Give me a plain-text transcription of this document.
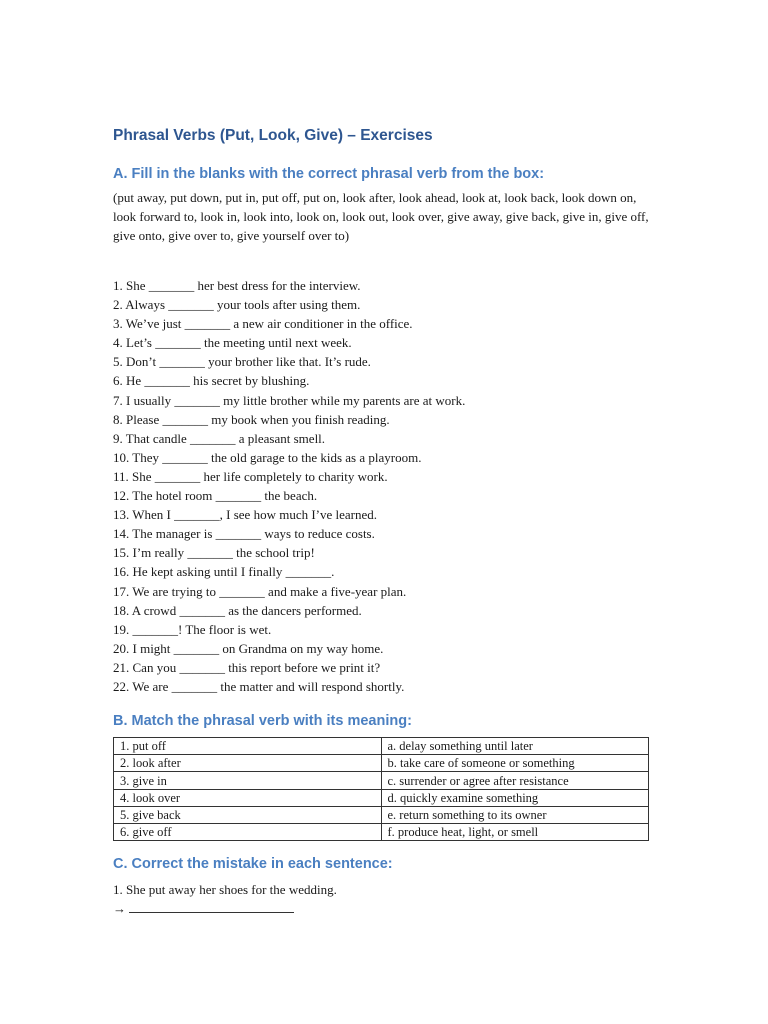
Phrasal Verbs (Put, Look, Give) – Exercises
A. Fill in the blanks with the correct phrasal verb from the box:

(put away, put down, put in, put off, put on, look after, look ahead, look at, look back, look down on, look forward to, look in, look into, look on, look out, look over, give away, give back, give in, give off, give onto, give over to, give yourself over to)

1. She _______ her best dress for the interview.
2. Always _______ your tools after using them.
3. We’ve just _______ a new air conditioner in the office.
4. Let’s _______ the meeting until next week.
5. Don’t _______ your brother like that. It’s rude.
6. He _______ his secret by blushing.
7. I usually _______ my little brother while my parents are at work.
8. Please _______ my book when you finish reading.
9. That candle _______ a pleasant smell.
10. They _______ the old garage to the kids as a playroom.
11. She _______ her life completely to charity work.
12. The hotel room _______ the beach.
13. When I _______, I see how much I’ve learned.
14. The manager is _______ ways to reduce costs.
15. I’m really _______ the school trip!
16. He kept asking until I finally _______.
17. We are trying to _______ and make a five-year plan.
18. A crowd _______ as the dancers performed.
19. _______! The floor is wet.
20. I might _______ on Grandma on my way home.
21. Can you _______ this report before we print it?
22. We are _______ the matter and will respond shortly.
B. Match the phrasal verb with its meaning:
1. put off	a. delay something until later
2. look after	b. take care of someone or something
3. give in	c. surrender or agree after resistance
4. look over	d. quickly examine something
5. give back	e. return something to its owner
6. give off	f. produce heat, light, or smell
C. Correct the mistake in each sentence:
1. She put away her shoes for the wedding.
→
